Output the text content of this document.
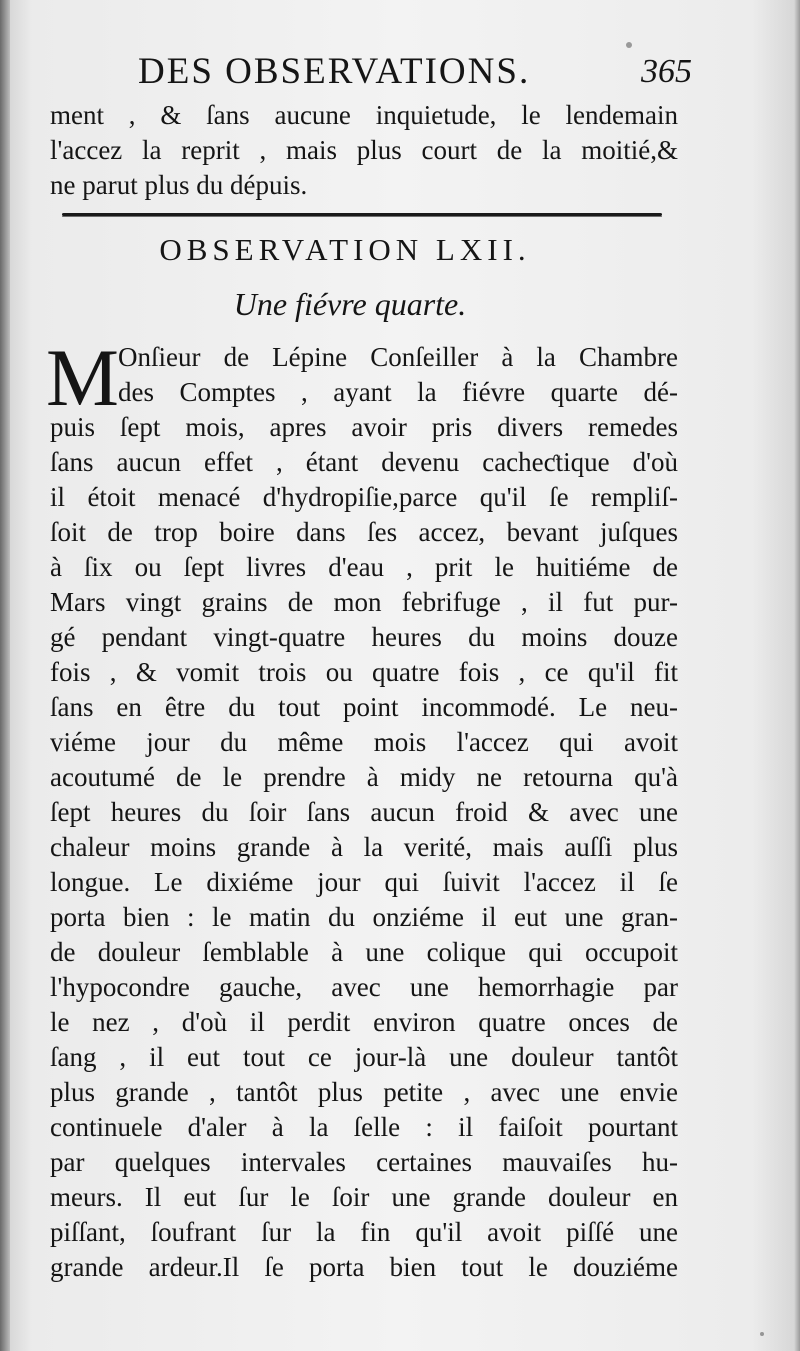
DES OBSERVATIONS.	365
ment , & ſans aucune inquietude, le lendemain
l'accez la reprit , mais plus court de la moitié,&
ne parut plus du dépuis.
OBSERVATION LXII.
Une fiévre quarte.
M Onſieur de Lépine Conſeiller à la Chambre
des Comptes , ayant la fiévre quarte dé-
puis ſept mois, apres avoir pris divers remedes
ſans aucun effet , étant devenu cacheƈtique d'où
il étoit menacé d'hydropiſie,parce qu'il ſe rempliſ-
ſoit de trop boire dans ſes accez, bevant juſques
à ſix ou ſept livres d'eau , prit le huitiéme de
Mars vingt grains de mon febrifuge , il fut pur-
gé pendant vingt-quatre heures du moins douze
fois , & vomit trois ou quatre fois , ce qu'il fit
ſans en être du tout point incommodé. Le neu-
viéme jour du même mois l'accez qui avoit
acoutumé de le prendre à midy ne retourna qu'à
ſept heures du ſoir ſans aucun froid & avec une
chaleur moins grande à la verité, mais auſſi plus
longue. Le dixiéme jour qui ſuivit l'accez il ſe
porta bien : le matin du onziéme il eut une gran-
de douleur ſemblable à une colique qui occupoit
l'hypocondre gauche, avec une hemorrhagie par
le nez , d'où il perdit environ quatre onces de
ſang , il eut tout ce jour-là une douleur tantôt
plus grande , tantôt plus petite , avec une envie
continuele d'aler à la ſelle : il faiſoit pourtant
par quelques intervales certaines mauvaiſes hu-
meurs. Il eut ſur le ſoir une grande douleur en
piſſant, ſoufrant ſur la fin qu'il avoit piſſé une
grande ardeur.Il ſe porta bien tout le douziéme
